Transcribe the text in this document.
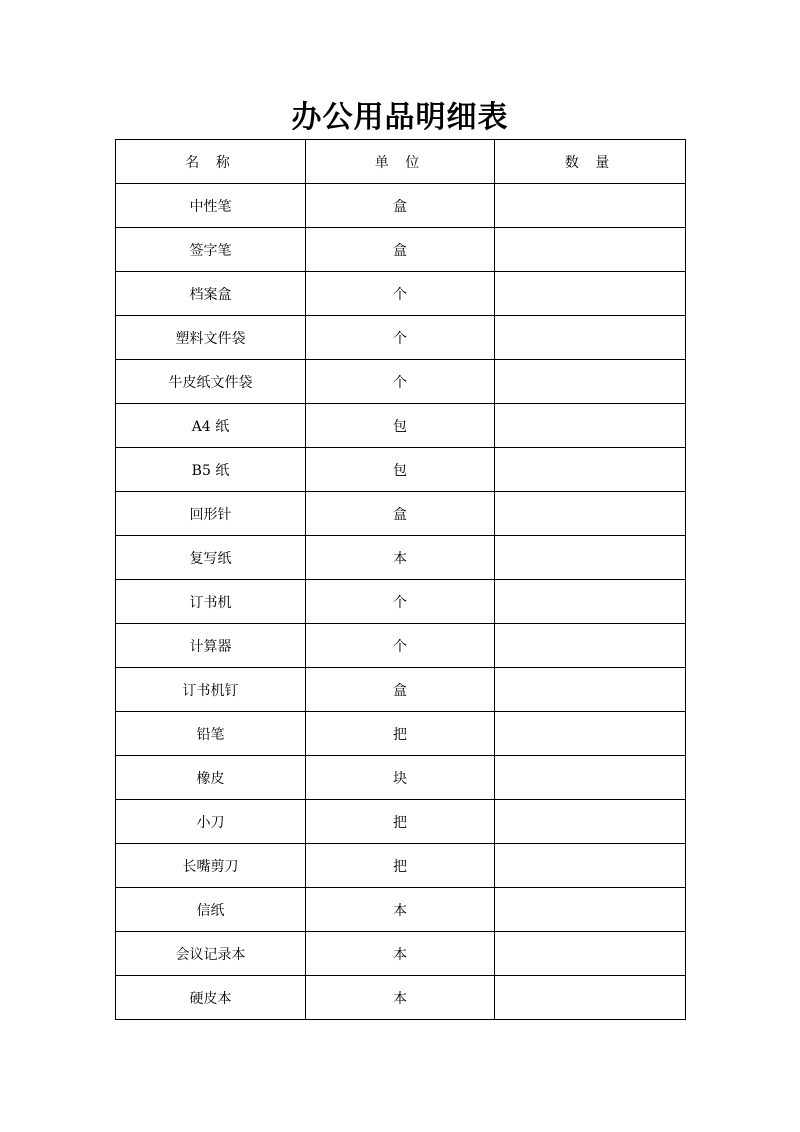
办公用品明细表
名 称	单 位	数 量
中性笔	盒	
签字笔	盒	
档案盒	个	
塑料文件袋	个	
牛皮纸文件袋	个	
A4 纸	包	
B5 纸	包	
回形针	盒	
复写纸	本	
订书机	个	
计算器	个	
订书机钉	盒	
铅笔	把	
橡皮	块	
小刀	把	
长嘴剪刀	把	
信纸	本	
会议记录本	本	
硬皮本	本	
